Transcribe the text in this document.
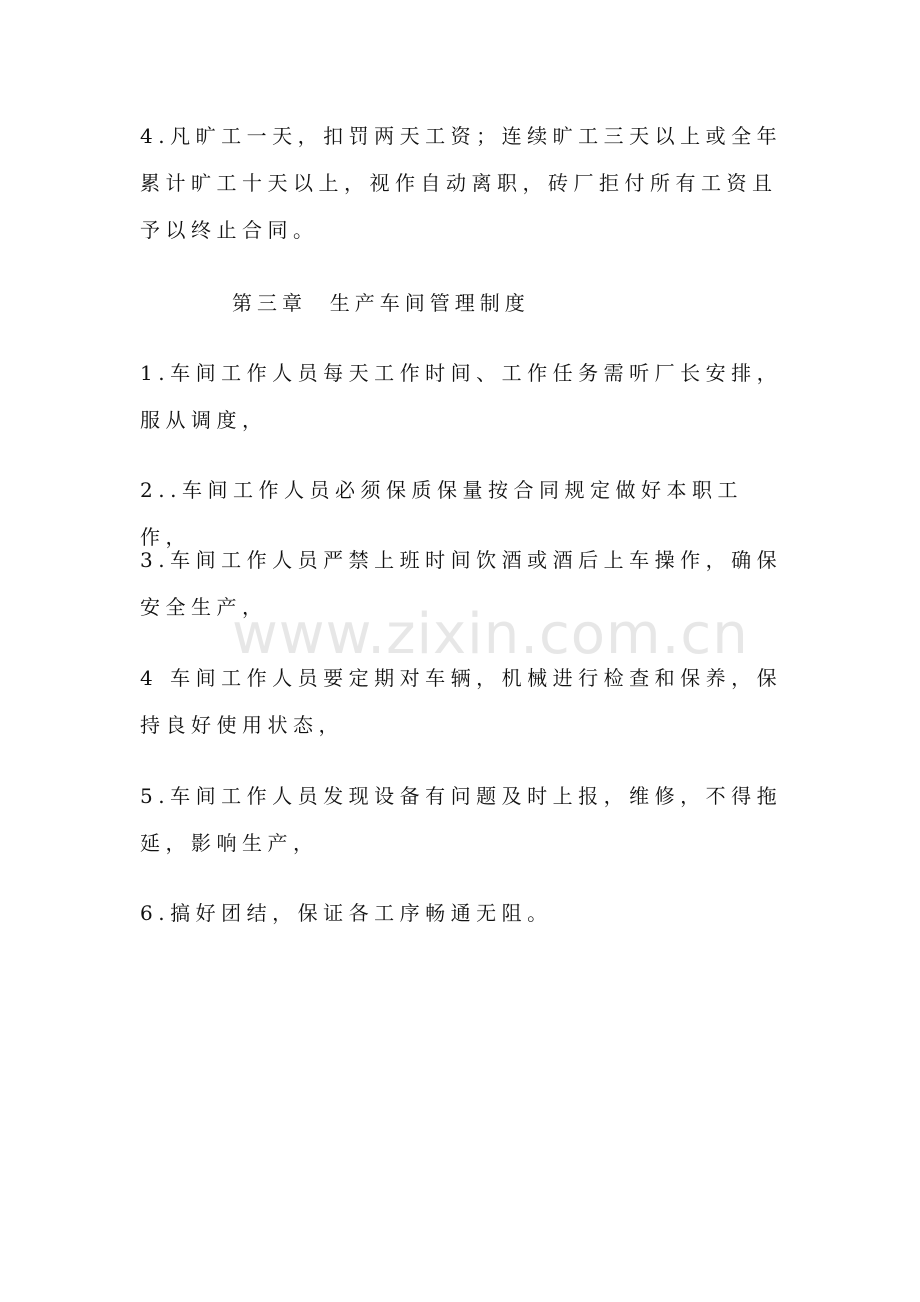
4.凡旷工一天，扣罚两天工资；连续旷工三天以上或全年累计旷工十天以上，视作自动离职，砖厂拒付所有工资且予以终止合同。

第三章  生产车间管理制度

1.车间工作人员每天工作时间、工作任务需听厂长安排，服从调度，

2..车间工作人员必须保质保量按合同规定做好本职工作，

3.车间工作人员严禁上班时间饮酒或酒后上车操作，确保安全生产，

4 车间工作人员要定期对车辆，机械进行检查和保养，保持良好使用状态，

5.车间工作人员发现设备有问题及时上报，维修，不得拖延，影响生产，

6.搞好团结，保证各工序畅通无阻。

www.zixin.com.cn
